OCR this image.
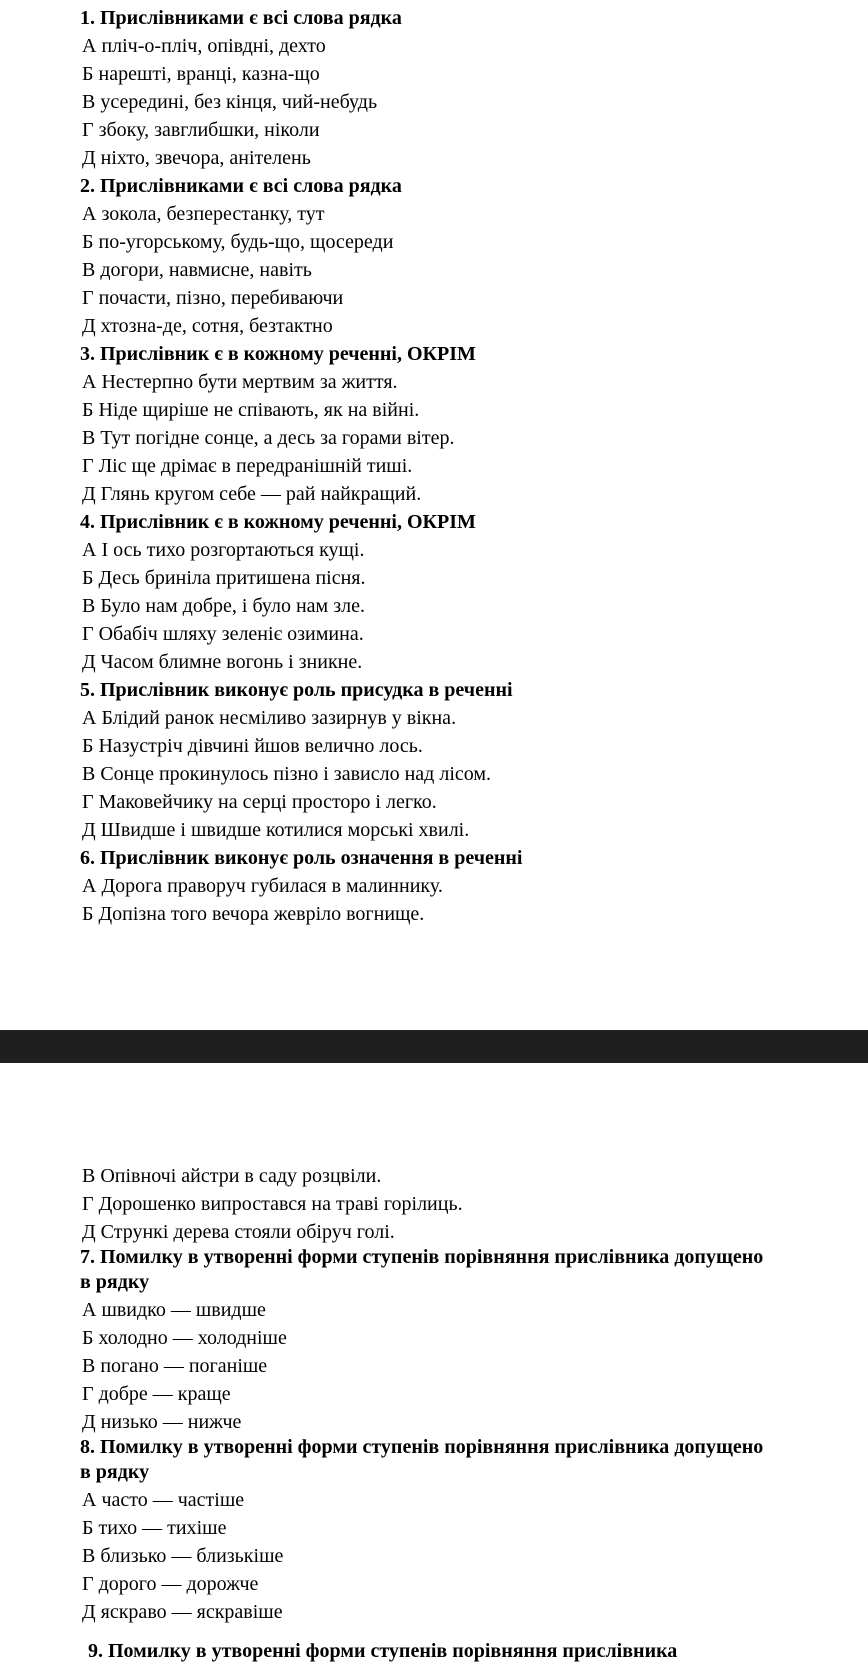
1. Прислівниками є всі слова рядка
А пліч-о-пліч, опівдні, дехто
Б нарешті, вранці, казна-що
В усередині, без кінця, чий-небудь
Г збоку, завглибшки, ніколи
Д ніхто, звечора, анітелень
2. Прислівниками є всі слова рядка
А зокола, безперестанку, тут
Б по-угорському, будь-що, щосереди
В догори, навмисне, навіть
Г почасти, пізно, перебиваючи
Д хтозна-де, сотня, безтактно
3. Прислівник є в кожному реченні, ОКРІМ
А Нестерпно бути мертвим за життя.
Б Ніде щиріше не співають, як на війні.
В Тут погідне сонце, а десь за горами вітер.
Г Ліс ще дрімає в передранішній тиші.
Д Глянь кругом себе — рай найкращий.
4. Прислівник є в кожному реченні, ОКРІМ
А І ось тихо розгортаються кущі.
Б Десь бриніла притишена пісня.
В Було нам добре, і було нам зле.
Г Обабіч шляху зеленіє озимина.
Д Часом блимне вогонь і зникне.
5. Прислівник виконує роль присудка в реченні
А Блідий ранок несміливо зазирнув у вікна.
Б Назустріч дівчині йшов велично лось.
В Сонце прокинулось пізно і зависло над лісом.
Г Маковейчику на серці просторо і легко.
Д Швидше і швидше котилися морські хвилі.
6. Прислівник виконує роль означення в реченні
А Дорога праворуч губилася в малиннику.
Б Допізна того вечора жевріло вогнище.
В Опівночі айстри в саду розцвіли.
Г Дорошенко випростався на траві горілиць.
Д Стрункі дерева стояли обіруч голі.
7. Помилку в утворенні форми ступенів порівняння прислівника допущено
в рядку
А швидко — швидше
Б холодно — холодніше
В погано — поганіше
Г добре — краще
Д низько — нижче
8. Помилку в утворенні форми ступенів порівняння прислівника допущено
в рядку
А часто — частіше
Б тихо — тихіше
В близько — близькіше
Г дорого — дорожче
Д яскраво — яскравіше
9. Помилку в утворенні форми ступенів порівняння прислівника
